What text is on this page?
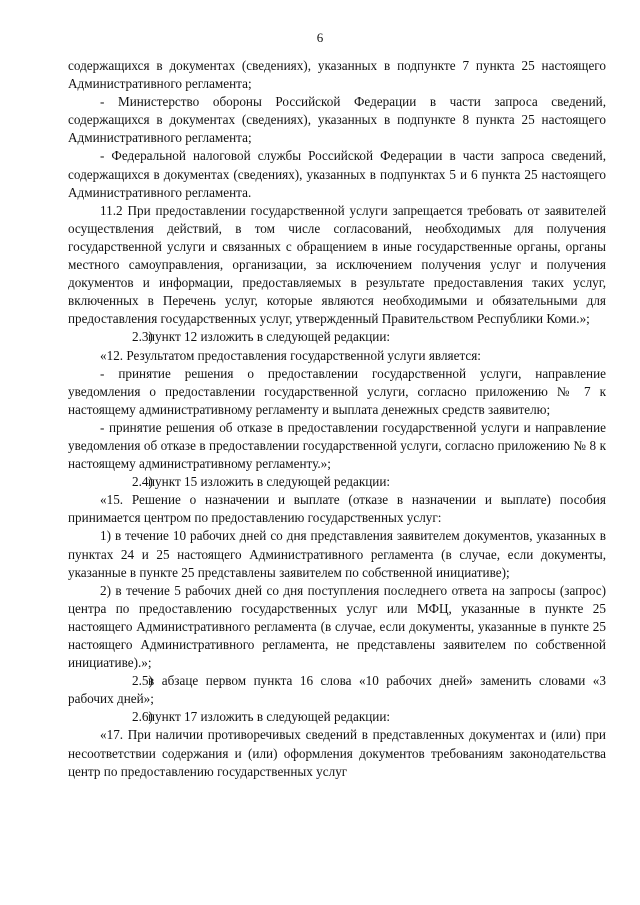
6

содержащихся в документах (сведениях), указанных в подпункте 7 пункта 25 настоящего Административного регламента;

- Министерство обороны Российской Федерации в части запроса сведений, содержащихся в документах (сведениях), указанных в подпункте 8 пункта 25 настоящего Административного регламента;

- Федеральной налоговой службы Российской Федерации в части запроса сведений, содержащихся в документах (сведениях), указанных в подпунктах 5 и 6 пункта 25 настоящего Административного регламента.

11.2 При предоставлении государственной услуги запрещается требовать от заявителей осуществления действий, в том числе согласований, необходимых для получения государственной услуги и связанных с обращением в иные государственные органы, органы местного самоуправления, организации, за исключением получения услуг и получения документов и информации, предоставляемых в результате предоставления таких услуг, включенных в Перечень услуг, которые являются необходимыми и обязательными для предоставления государственных услуг, утвержденный Правительством Республики Коми.»;

2.3)пункт 12 изложить в следующей редакции:

«12. Результатом предоставления государственной услуги является:

- принятие решения о предоставлении государственной услуги, направление уведомления о предоставлении государственной услуги, согласно приложению № 7 к настоящему административному регламенту и выплата денежных средств заявителю;

- принятие решения об отказе в предоставлении государственной услуги и направление уведомления об отказе в предоставлении государственной услуги, согласно приложению № 8 к настоящему административному регламенту.»;

2.4)пункт 15 изложить в следующей редакции:

«15. Решение о назначении и выплате (отказе в назначении и выплате) пособия принимается центром по предоставлению государственных услуг:

1) в течение 10 рабочих дней со дня представления заявителем документов, указанных в пунктах 24 и 25 настоящего Административного регламента (в случае, если документы, указанные в пункте 25 представлены заявителем по собственной инициативе);

2) в течение 5 рабочих дней со дня поступления последнего ответа на запросы (запрос) центра по предоставлению государственных услуг или МФЦ, указанные в пункте 25 настоящего Административного регламента (в случае, если документы, указанные в пункте 25 настоящего Административного регламента, не представлены заявителем по собственной инициативе).»;

2.5)в абзаце первом пункта 16 слова «10 рабочих дней» заменить словами «3 рабочих дней»;

2.6)пункт 17 изложить в следующей редакции:

«17. При наличии противоречивых сведений в представленных документах и (или) при несоответствии содержания и (или) оформления документов требованиям законодательства центр по предоставлению государственных услуг
